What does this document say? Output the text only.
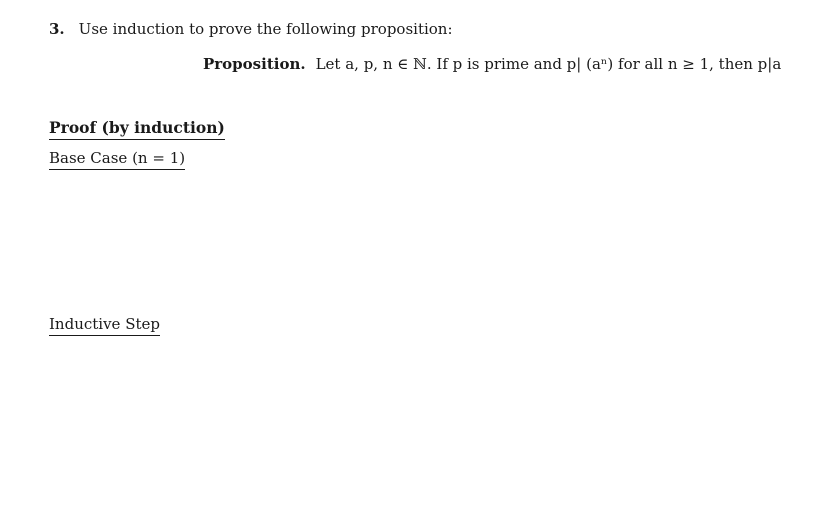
3. Use induction to prove the following proposition:
Proposition. Let a, p, n ∈ ℕ. If p is prime and p| (aⁿ) for all n ≥ 1, then p|a
Proof (by induction)
Base Case (n = 1)
Inductive Step
